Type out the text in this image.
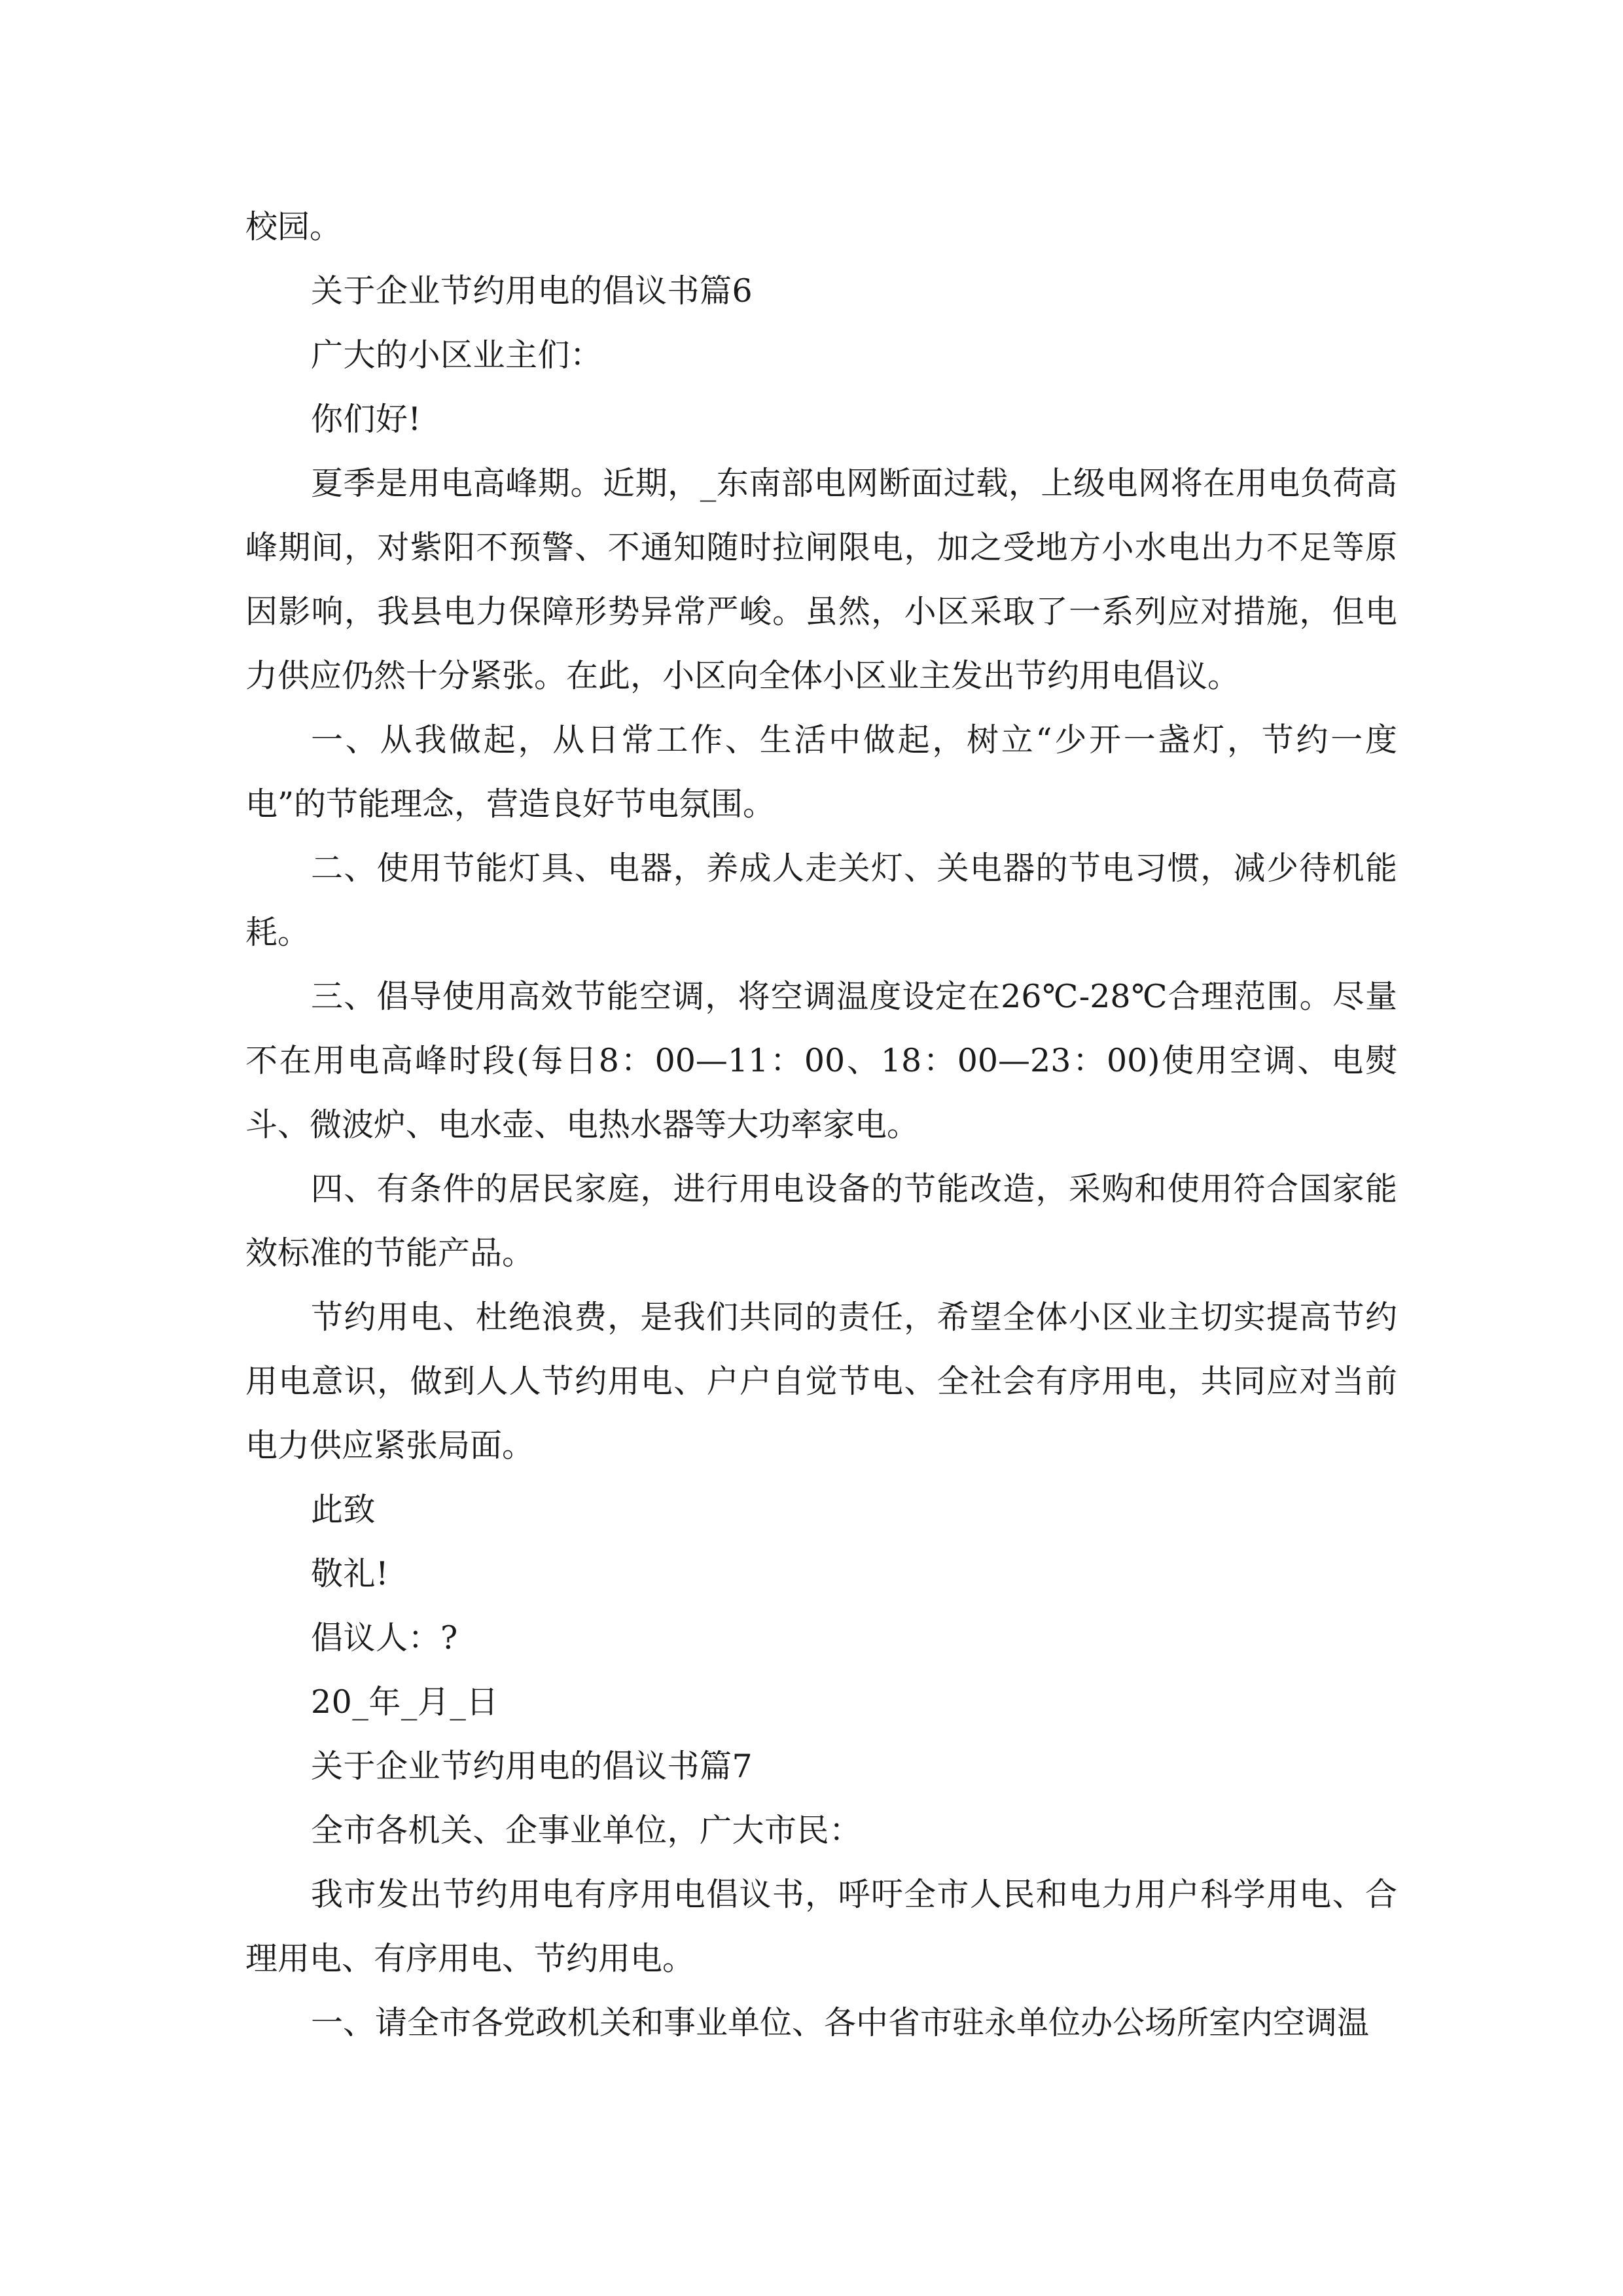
校园。
关于企业节约用电的倡议书篇6
广大的小区业主们：
你们好!
夏季是用电高峰期。近期，_东南部电网断面过载，上级电网将在用电负荷高峰期间，对紫阳不预警、不通知随时拉闸限电，加之受地方小水电出力不足等原因影响，我县电力保障形势异常严峻。虽然，小区采取了一系列应对措施，但电力供应仍然十分紧张。在此，小区向全体小区业主发出节约用电倡议。
一、从我做起，从日常工作、生活中做起，树立“少开一盏灯，节约一度电”的节能理念，营造良好节电氛围。
二、使用节能灯具、电器，养成人走关灯、关电器的节电习惯，减少待机能耗。
三、倡导使用高效节能空调，将空调温度设定在26℃-28℃合理范围。尽量不在用电高峰时段(每日8：00—11：00、18：00—23：00)使用空调、电熨斗、微波炉、电水壶、电热水器等大功率家电。
四、有条件的居民家庭，进行用电设备的节能改造，采购和使用符合国家能效标准的节能产品。
节约用电、杜绝浪费，是我们共同的责任，希望全体小区业主切实提高节约用电意识，做到人人节约用电、户户自觉节电、全社会有序用电，共同应对当前电力供应紧张局面。
此致
敬礼!
倡议人：?
20_年_月_日
关于企业节约用电的倡议书篇7
全市各机关、企事业单位，广大市民：
我市发出节约用电有序用电倡议书，呼吁全市人民和电力用户科学用电、合理用电、有序用电、节约用电。
一、请全市各党政机关和事业单位、各中省市驻永单位办公场所室内空调温
